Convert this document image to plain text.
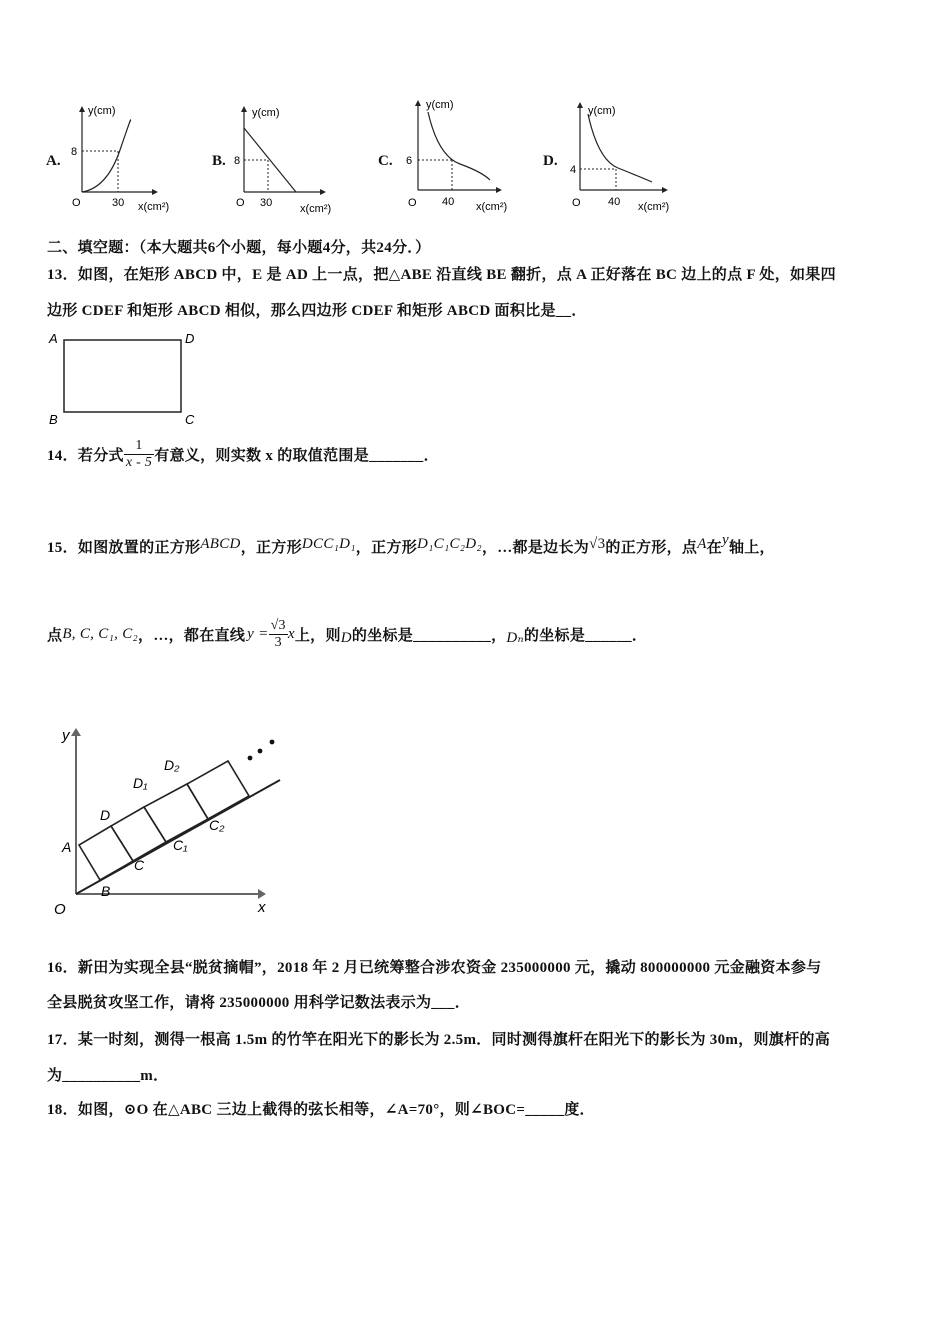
A.
y(cm)
8
O	30 x(cm²)
B.
y(cm)
8
O 30	x(cm²)
C.
y(cm)
6
O 40 x(cm²)
D.
y(cm)
4
O 40 x(cm²)
二、填空题：（本大题共6个小题，每小题4分，共24分．）
13．如图，在矩形 ABCD 中，E 是 AD 上一点，把△ABE 沿直线 BE 翻折，点 A 正好落在 BC 边上的点 F 处，如果四
边形 CDEF 和矩形 ABCD 相似，那么四边形 CDEF 和矩形 ABCD 面积比是__．
A	D
B	C
14．若分式 $\frac{1}{x - 5}$ 有意义，则实数 x 的取值范围是_______．
15．如图放置的正方形ABCD，正方形DCC₁D₁，正方形D₁C₁C₂D₂，…都是边长为√3的正方形，点A在y轴上，
点B, C, C₁, C₂，…，都在直线 $y = \frac{√3}{3}$ x上，则D的坐标是__________，Dₙ的坐标是______．
y
x
O
A
B
C
D
D₁
D₂
C₁
C₂
16．新田为实现全县“脱贫摘帽”，2018 年 2 月已统筹整合涉农资金 235000000 元，撬动 800000000 元金融资本参与
全县脱贫攻坚工作，请将 235000000 用科学记数法表示为___．
17．某一时刻，测得一根高 1.5m 的竹竿在阳光下的影长为 2.5m．同时测得旗杆在阳光下的影长为 30m，则旗杆的高
为__________m．
18．如图，⊙O 在△ABC 三边上截得的弦长相等，∠A=70°，则∠BOC=_____度．
